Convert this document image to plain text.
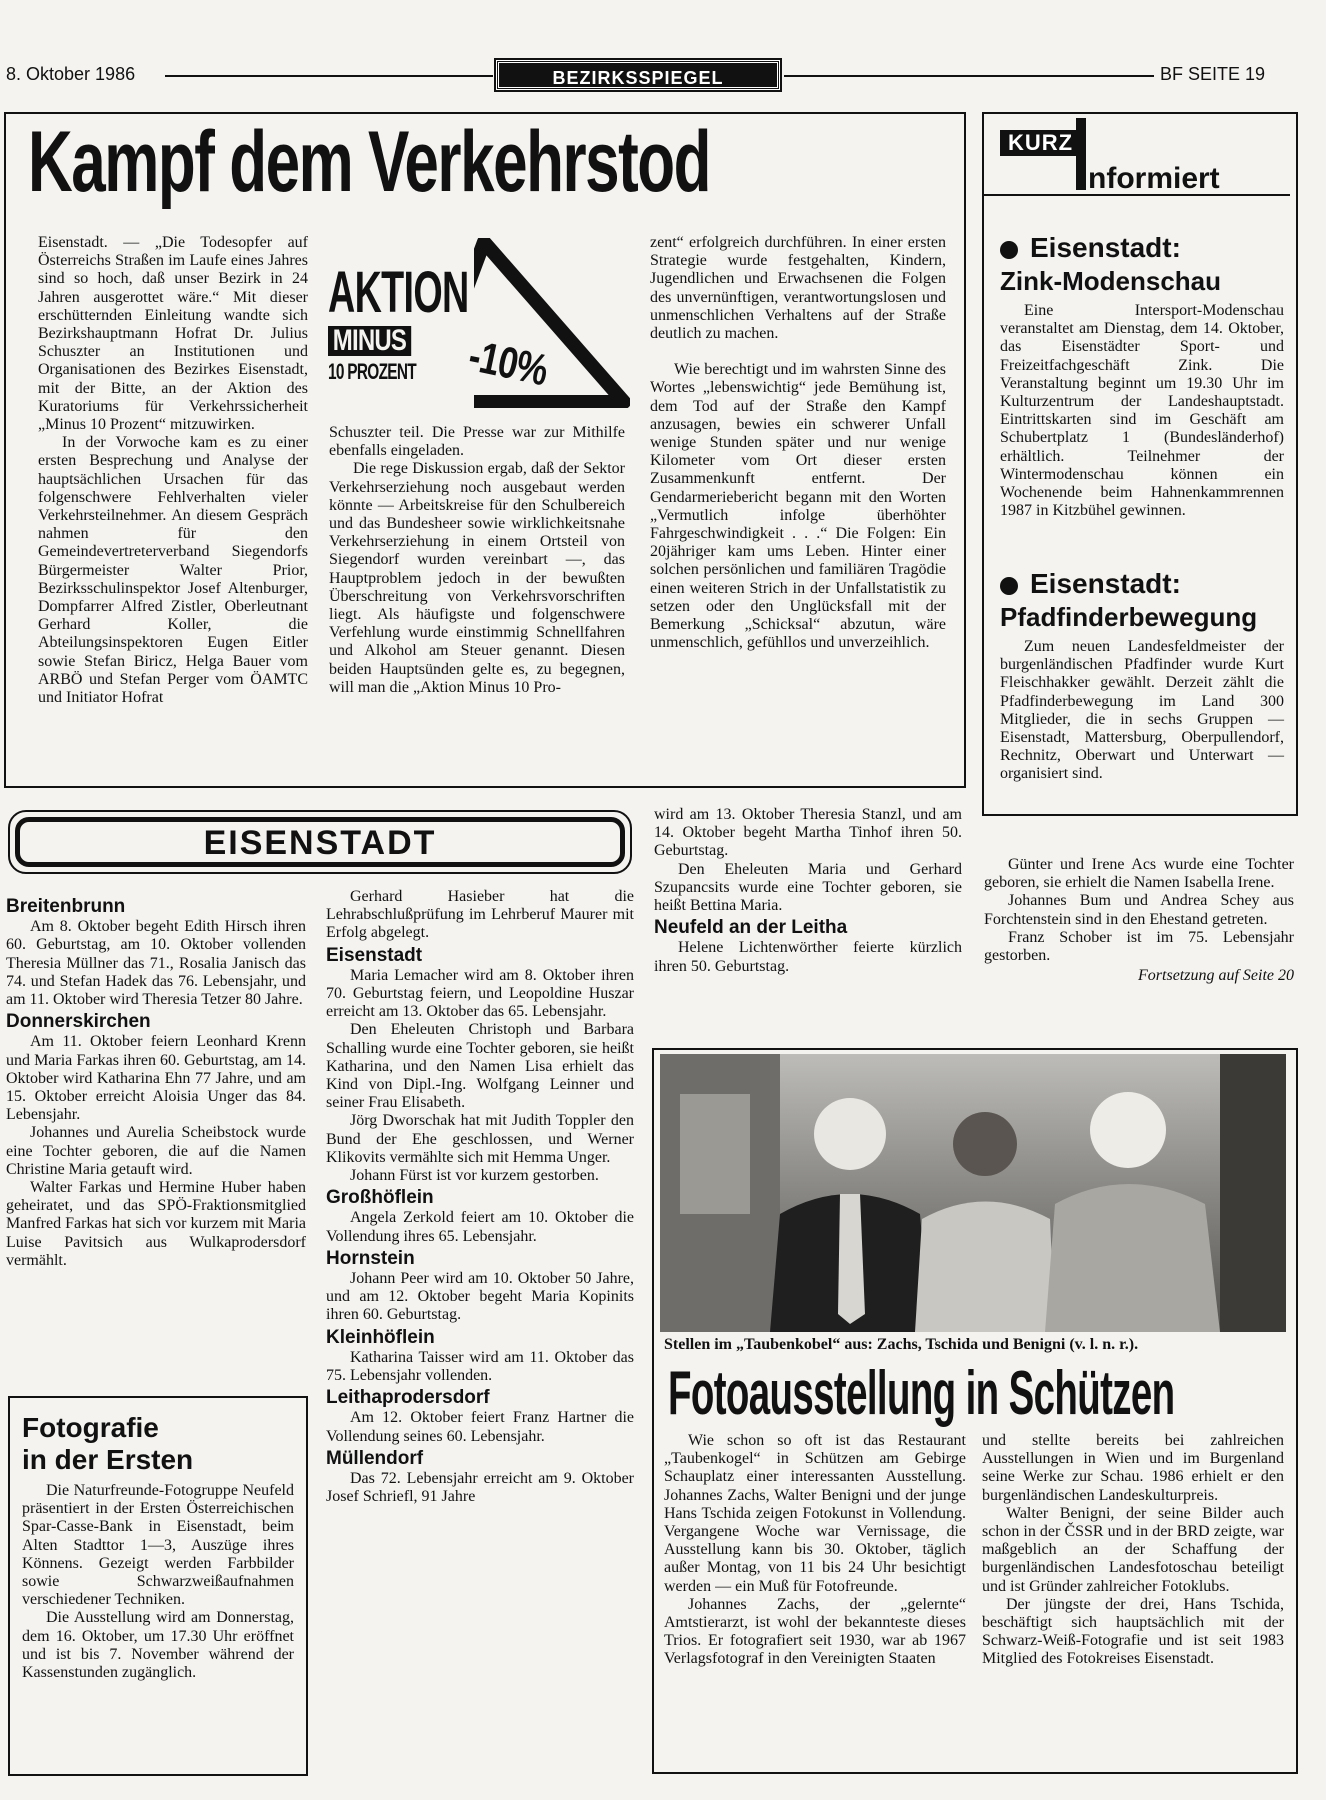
8. Oktober 1986	BEZIRKSSPIEGEL	BF SEITE 19
Kampf dem Verkehrstod

Eisenstadt. — „Die Todesopfer auf Österreichs Straßen im Laufe eines Jahres sind so hoch, daß unser Bezirk in 24 Jahren ausgerottet wäre.“ Mit dieser erschütternden Einleitung wandte sich Bezirkshauptmann Hofrat Dr. Julius Schuszter an Institutionen und Organisationen des Bezirkes Eisenstadt, mit der Bitte, an der Aktion des Kuratoriums für Verkehrssicherheit „Minus 10 Prozent“ mitzuwirken.

In der Vorwoche kam es zu einer ersten Besprechung und Analyse der hauptsächlichen Ursachen für das folgenschwere Fehlverhalten vieler Verkehrsteilnehmer. An diesem Gespräch nahmen für den Gemeindevertreterverband Siegendorfs Bürgermeister Walter Prior, Bezirksschulinspektor Josef Altenburger, Dompfarrer Alfred Zistler, Oberleutnant Gerhard Koller, die Abteilungsinspektoren Eugen Eitler sowie Stefan Biricz, Helga Bauer vom ARBÖ und Stefan Perger vom ÖAMTC und Initiator Hofrat

AKTION
MINUS
10 PROZENT -10%

Schuszter teil. Die Presse war zur Mithilfe ebenfalls eingeladen.

Die rege Diskussion ergab, daß der Sektor Verkehrserziehung noch ausgebaut werden könnte — Arbeitskreise für den Schulbereich und das Bundesheer sowie wirklichkeitsnahe Verkehrserziehung in einem Ortsteil von Siegendorf wurden vereinbart —, das Hauptproblem jedoch in der bewußten Überschreitung von Verkehrsvorschriften liegt. Als häufigste und folgenschwere Verfehlung wurde einstimmig Schnellfahren und Alkohol am Steuer genannt. Diesen beiden Hauptsünden gelte es, zu begegnen, will man die „Aktion Minus 10 Pro-

zent“ erfolgreich durchführen. In einer ersten Strategie wurde festgehalten, Kindern, Jugendlichen und Erwachsenen die Folgen des unvernünftigen, verantwortungslosen und unmenschlichen Verhaltens auf der Straße deutlich zu machen.

Wie berechtigt und im wahrsten Sinne des Wortes „lebenswichtig“ jede Bemühung ist, dem Tod auf der Straße den Kampf anzusagen, bewies ein schwerer Unfall wenige Stunden später und nur wenige Kilometer vom Ort dieser ersten Zusammenkunft entfernt. Der Gendarmeriebericht begann mit den Worten „Vermutlich infolge überhöhter Fahrgeschwindigkeit . . .“ Die Folgen: Ein 20jähriger kam ums Leben. Hinter einer solchen persönlichen und familiären Tragödie einen weiteren Strich in der Unfallstatistik zu setzen oder den Unglücksfall mit der Bemerkung „Schicksal“ abzutun, wäre unmenschlich, gefühllos und unverzeihlich.

KURZ
nformiert
Eisenstadt:
Zink-Modenschau

Eine Intersport-Modenschau veranstaltet am Dienstag, dem 14. Oktober, das Eisenstädter Sport- und Freizeitfachgeschäft Zink. Die Veranstaltung beginnt um 19.30 Uhr im Kulturzentrum der Landeshauptstadt. Eintrittskarten sind im Geschäft am Schubertplatz 1 (Bundesländerhof) erhältlich. Teilnehmer der Wintermodenschau können ein Wochenende beim Hahnenkammrennen 1987 in Kitzbühel gewinnen.

Eisenstadt:
Pfadfinderbewegung

Zum neuen Landesfeldmeister der burgenländischen Pfadfinder wurde Kurt Fleischhakker gewählt. Derzeit zählt die Pfadfinderbewegung im Land 300 Mitglieder, die in sechs Gruppen — Eisenstadt, Mattersburg, Oberpullendorf, Rechnitz, Oberwart und Unterwart — organisiert sind.

EISENSTADT
Breitenbrunn

Am 8. Oktober begeht Edith Hirsch ihren 60. Geburtstag, am 10. Oktober vollenden Theresia Müllner das 71., Rosalia Janisch das 74. und Stefan Hadek das 76. Lebensjahr, und am 11. Oktober wird Theresia Tetzer 80 Jahre.

Donnerskirchen

Am 11. Oktober feiern Leonhard Krenn und Maria Farkas ihren 60. Geburtstag, am 14. Oktober wird Katharina Ehn 77 Jahre, und am 15. Oktober erreicht Aloisia Unger das 84. Lebensjahr.

Johannes und Aurelia Scheibstock wurde eine Tochter geboren, die auf die Namen Christine Maria getauft wird.

Walter Farkas und Hermine Huber haben geheiratet, und das SPÖ-Fraktionsmitglied Manfred Farkas hat sich vor kurzem mit Maria Luise Pavitsich aus Wulkaprodersdorf vermählt.

Gerhard Hasieber hat die Lehrabschlußprüfung im Lehrberuf Maurer mit Erfolg abgelegt.

Eisenstadt

Maria Lemacher wird am 8. Oktober ihren 70. Geburtstag feiern, und Leopoldine Huszar erreicht am 13. Oktober das 65. Lebensjahr.

Den Eheleuten Christoph und Barbara Schalling wurde eine Tochter geboren, sie heißt Katharina, und den Namen Lisa erhielt das Kind von Dipl.-Ing. Wolfgang Leinner und seiner Frau Elisabeth.

Jörg Dworschak hat mit Judith Toppler den Bund der Ehe geschlossen, und Werner Klikovits vermählte sich mit Hemma Unger.

Johann Fürst ist vor kurzem gestorben.

Großhöflein

Angela Zerkold feiert am 10. Oktober die Vollendung ihres 65. Lebensjahr.

Hornstein

Johann Peer wird am 10. Oktober 50 Jahre, und am 12. Oktober begeht Maria Kopinits ihren 60. Geburtstag.

Kleinhöflein

Katharina Taisser wird am 11. Oktober das 75. Lebensjahr vollenden.

Leithaprodersdorf

Am 12. Oktober feiert Franz Hartner die Vollendung seines 60. Lebensjahr.

Müllendorf

Das 72. Lebensjahr erreicht am 9. Oktober Josef Schriefl, 91 Jahre

wird am 13. Oktober Theresia Stanzl, und am 14. Oktober begeht Martha Tinhof ihren 50. Geburtstag.

Den Eheleuten Maria und Gerhard Szupancsits wurde eine Tochter geboren, sie heißt Bettina Maria.

Neufeld an der Leitha

Helene Lichtenwörther feierte kürzlich ihren 50. Geburtstag.

Günter und Irene Acs wurde eine Tochter geboren, sie erhielt die Namen Isabella Irene.

Johannes Bum und Andrea Schey aus Forchtenstein sind in den Ehestand getreten.

Franz Schober ist im 75. Lebensjahr gestorben.

Fortsetzung auf Seite 20

Fotografie
in der Ersten

Die Naturfreunde-Fotogruppe Neufeld präsentiert in der Ersten Österreichischen Spar-Casse-Bank in Eisenstadt, beim Alten Stadttor 1—3, Auszüge ihres Könnens. Gezeigt werden Farbbilder sowie Schwarzweißaufnahmen verschiedener Techniken.

Die Ausstellung wird am Donnerstag, dem 16. Oktober, um 17.30 Uhr eröffnet und ist bis 7. November während der Kassenstunden zugänglich.

Stellen im „Taubenkobel“ aus: Zachs, Tschida und Benigni (v. l. n. r.).
Fotoausstellung in Schützen

Wie schon so oft ist das Restaurant „Taubenkogel“ in Schützen am Gebirge Schauplatz einer interessanten Ausstellung. Johannes Zachs, Walter Benigni und der junge Hans Tschida zeigen Fotokunst in Vollendung. Vergangene Woche war Vernissage, die Ausstellung kann bis 30. Oktober, täglich außer Montag, von 11 bis 24 Uhr besichtigt werden — ein Muß für Fotofreunde.

Johannes Zachs, der „gelernte“ Amtstierarzt, ist wohl der bekannteste dieses Trios. Er fotografiert seit 1930, war ab 1967 Verlagsfotograf in den Vereinigten Staaten

und stellte bereits bei zahlreichen Ausstellungen in Wien und im Burgenland seine Werke zur Schau. 1986 erhielt er den burgenländischen Landeskulturpreis.

Walter Benigni, der seine Bilder auch schon in der ČSSR und in der BRD zeigte, war maßgeblich an der Schaffung der burgenländischen Landesfotoschau beteiligt und ist Gründer zahlreicher Fotoklubs.

Der jüngste der drei, Hans Tschida, beschäftigt sich hauptsächlich mit der Schwarz-Weiß-Fotografie und ist seit 1983 Mitglied des Fotokreises Eisenstadt.
